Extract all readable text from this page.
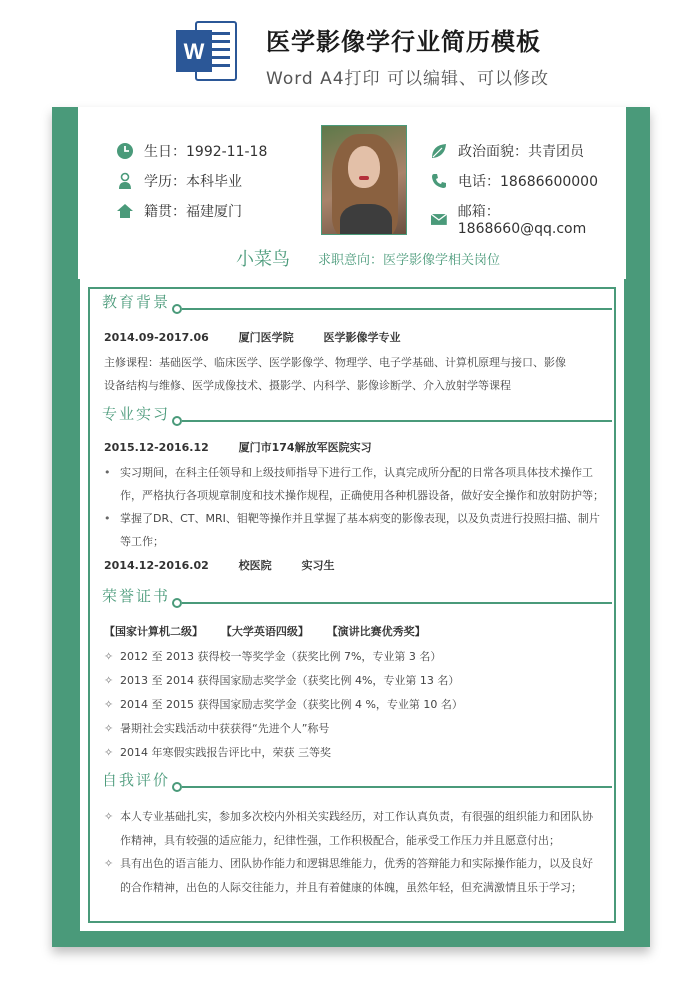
W	医学影像学行业简历模板
Word A4打印 可以编辑、可以修改
生日：1992-11-18
学历：本科毕业
籍贯：福建厦门
政治面貌：共青团员
电话：18686600000
邮箱：1868660@qq.com
小菜鸟 求职意向：医学影像学相关岗位
教育背景
2014.09-2017.06	厦门医学院	医学影像学专业
主修课程：基础医学、临床医学、医学影像学、物理学、电子学基础、计算机原理与接口、影像
设备结构与维修、医学成像技术、摄影学、内科学、影像诊断学、介入放射学等课程
专业实习
2015.12-2016.12	厦门市174解放军医院实习
• 实习期间，在科主任领导和上级技师指导下进行工作，认真完成所分配的日常各项具体技术操作工
作，严格执行各项规章制度和技术操作规程，正确使用各种机器设备，做好安全操作和放射防护等；
• 掌握了DR、CT、MRI、钼靶等操作并且掌握了基本病变的影像表现，以及负责进行投照扫描、制片
等工作；
2014.12-2016.02	校医院	实习生
荣誉证书
【国家计算机二级】 【大学英语四级】 【演讲比赛优秀奖】
✧ 2012 至 2013 获得校一等奖学金（获奖比例 7%，专业第 3 名）
✧ 2013 至 2014 获得国家励志奖学金（获奖比例 4%，专业第 13 名）
✧ 2014 至 2015 获得国家励志奖学金（获奖比例 4 %，专业第 10 名）
✧ 暑期社会实践活动中获获得“先进个人”称号
✧ 2014 年寒假实践报告评比中，荣获 三等奖
自我评价
✧ 本人专业基础扎实，参加多次校内外相关实践经历，对工作认真负责，有很强的组织能力和团队协
作精神，具有较强的适应能力，纪律性强，工作积极配合，能承受工作压力并且愿意付出；
✧ 具有出色的语言能力、团队协作能力和逻辑思维能力，优秀的答辩能力和实际操作能力，以及良好
的合作精神，出色的人际交往能力，并且有着健康的体魄，虽然年轻，但充满激情且乐于学习；
